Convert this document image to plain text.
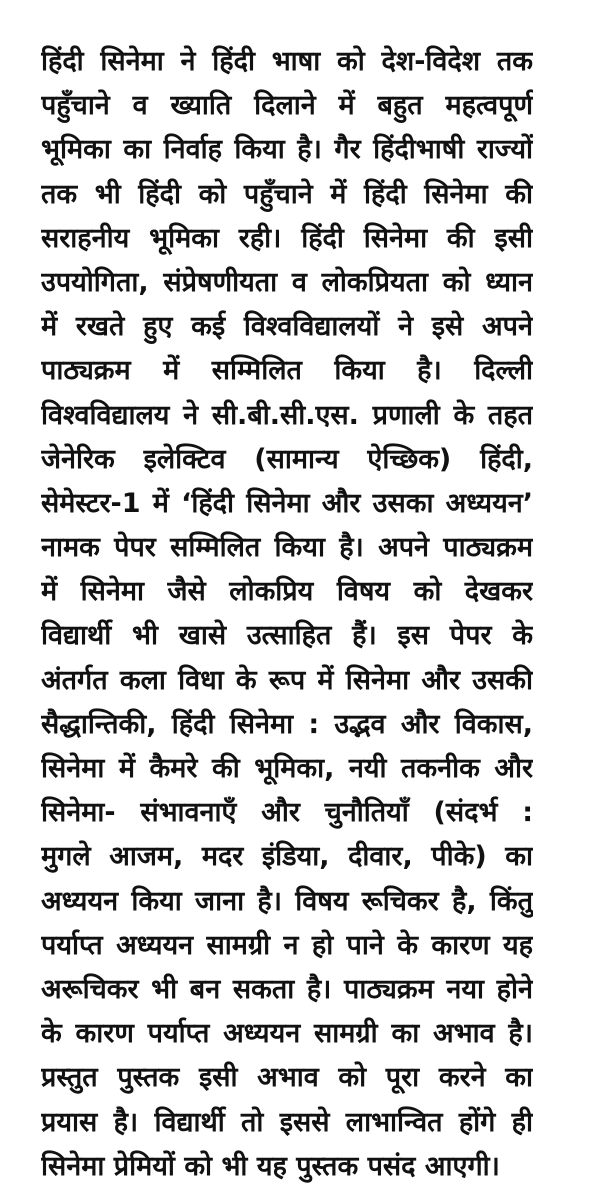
हिंदी सिनेमा ने हिंदी भाषा को देश-विदेश तक
पहुँचाने व ख्याति दिलाने में बहुत महत्वपूर्ण
भूमिका का निर्वाह किया है। गैर हिंदीभाषी राज्यों
तक भी हिंदी को पहुँचाने में हिंदी सिनेमा की
सराहनीय भूमिका रही। हिंदी सिनेमा की इसी
उपयोगिता, संप्रेषणीयता व लोकप्रियता को ध्यान
में रखते हुए कई विश्वविद्यालयों ने इसे अपने
पाठ्यक्रम में सम्मिलित किया है। दिल्ली
विश्वविद्यालय ने सी.बी.सी.एस. प्रणाली के तहत
जेनेरिक इलेक्टिव (सामान्य ऐच्छिक) हिंदी,
सेमेस्टर-1 में ‘हिंदी सिनेमा और उसका अध्ययन’
नामक पेपर सम्मिलित किया है। अपने पाठ्यक्रम
में सिनेमा जैसे लोकप्रिय विषय को देखकर
विद्यार्थी भी खासे उत्साहित हैं। इस पेपर के
अंतर्गत कला विधा के रूप में सिनेमा और उसकी
सैद्धान्तिकी, हिंदी सिनेमा : उद्भव और विकास,
सिनेमा में कैमरे की भूमिका, नयी तकनीक और
सिनेमा- संभावनाएँ और चुनौतियाँ (संदर्भ :
मुगले आजम, मदर इंडिया, दीवार, पीके) का
अध्ययन किया जाना है। विषय रूचिकर है, किंतु
पर्याप्त अध्ययन सामग्री न हो पाने के कारण यह
अरूचिकर भी बन सकता है। पाठ्यक्रम नया होने
के कारण पर्याप्त अध्ययन सामग्री का अभाव है।
प्रस्तुत पुस्तक इसी अभाव को पूरा करने का
प्रयास है। विद्यार्थी तो इससे लाभान्वित होंगे ही
सिनेमा प्रेमियों को भी यह पुस्तक पसंद आएगी।
